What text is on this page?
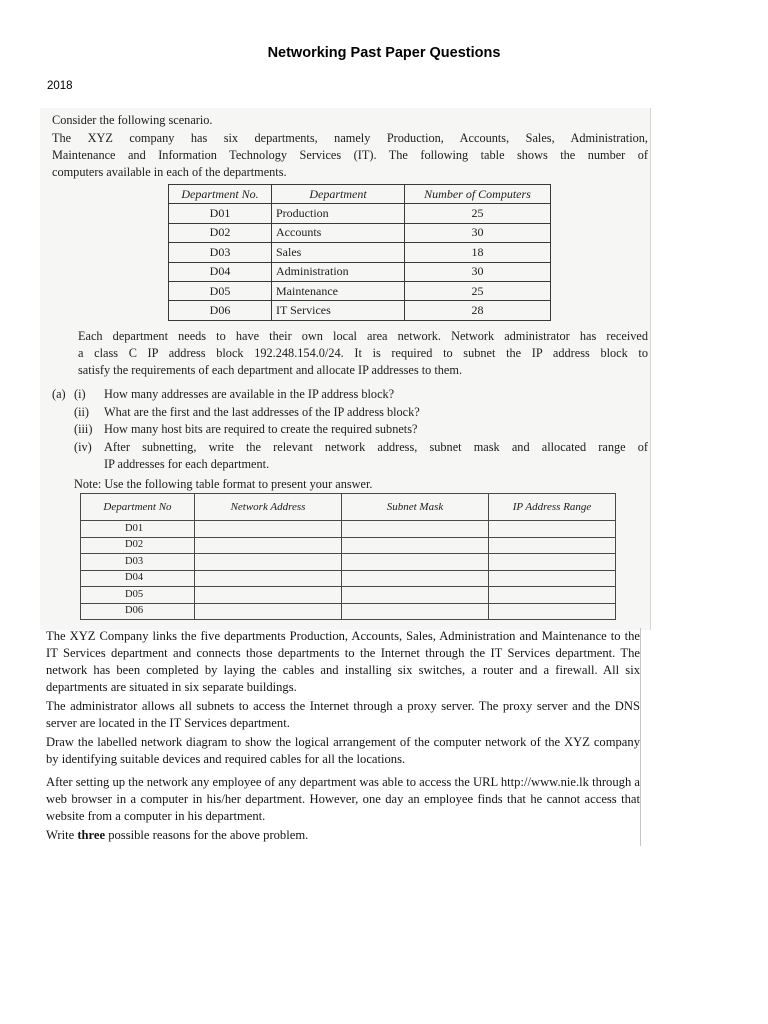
Networking Past Paper Questions
2018

Consider the following scenario.

The XYZ company has six departments, namely Production, Accounts, Sales, Administration,

Maintenance and Information Technology Services (IT). The following table shows the number of

computers available in each of the departments.

Department No.	Department	Number of Computers
D01	Production	25
D02	Accounts	30
D03	Sales	18
D04	Administration	30
D05	Maintenance	25
D06	IT Services	28

Each department needs to have their own local area network. Network administrator has received

a class C IP address block 192.248.154.0/24. It is required to subnet the IP address block to

satisfy the requirements of each department and allocate IP addresses to them.

(a) (i)	How many addresses are available in the IP address block?
(ii)	What are the first and the last addresses of the IP address block?
(iii) How many host bits are required to create the required subnets?
(iv) After subnetting, write the relevant network address, subnet mask and allocated range of
IP addresses for each department.
Note: Use the following table format to present your answer.
Department No	Network Address	Subnet Mask	IP Address Range
D01			
D02			
D03			
D04			
D05			
D06			

The XYZ Company links the five departments Production, Accounts, Sales, Administration and Maintenance to the IT Services department and connects those departments to the Internet through the IT Services department. The network has been completed by laying the cables and installing six switches, a router and a firewall. All six departments are situated in six separate buildings.

The administrator allows all subnets to access the Internet through a proxy server. The proxy server and the DNS server are located in the IT Services department.

Draw the labelled network diagram to show the logical arrangement of the computer network of the XYZ company by identifying suitable devices and required cables for all the locations.

After setting up the network any employee of any department was able to access the URL http://www.nie.lk through a web browser in a computer in his/her department. However, one day an employee finds that he cannot access that website from a computer in his department.

Write three possible reasons for the above problem.
